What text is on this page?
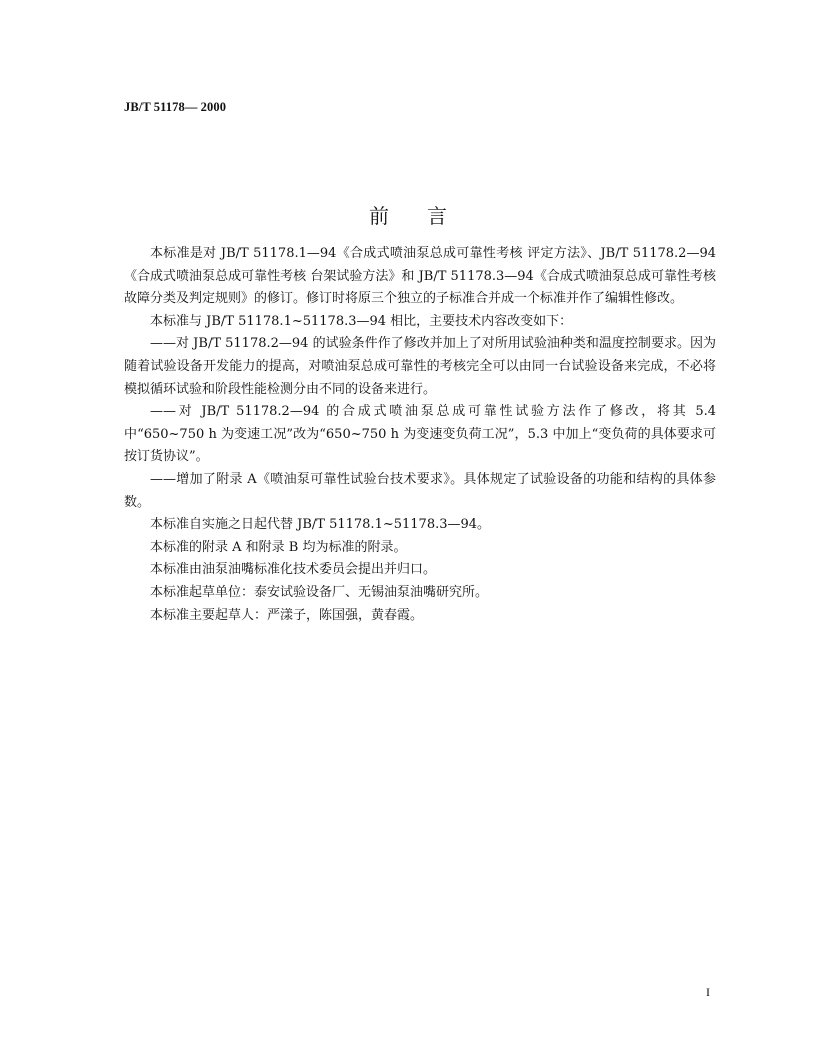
JB/T 51178— 2000
前言

本标准是对 JB/T 51178.1—94《合成式喷油泵总成可靠性考核 评定方法》、JB/T 51178.2—94《合成式喷油泵总成可靠性考核 台架试验方法》和 JB/T 51178.3—94《合成式喷油泵总成可靠性考核 故障分类及判定规则》的修订。修订时将原三个独立的子标准合并成一个标准并作了编辑性修改。

本标准与 JB/T 51178.1~51178.3—94 相比，主要技术内容改变如下：

——对 JB/T 51178.2—94 的试验条件作了修改并加上了对所用试验油种类和温度控制要求。因为随着试验设备开发能力的提高，对喷油泵总成可靠性的考核完全可以由同一台试验设备来完成，不必将模拟循环试验和阶段性能检测分由不同的设备来进行。

——对 JB/T 51178.2—94 的合成式喷油泵总成可靠性试验方法作了修改，将其 5.4 中“650~750 h 为变速工况”改为“650~750 h 为变速变负荷工况”，5.3 中加上“变负荷的具体要求可按订货协议”。

——增加了附录 A《喷油泵可靠性试验台技术要求》。具体规定了试验设备的功能和结构的具体参数。

本标准自实施之日起代替 JB/T 51178.1~51178.3—94。

本标准的附录 A 和附录 B 均为标准的附录。

本标准由油泵油嘴标准化技术委员会提出并归口。

本标准起草单位：泰安试验设备厂、无锡油泵油嘴研究所。

本标准主要起草人：严漾子，陈国强，黄春霞。

I
